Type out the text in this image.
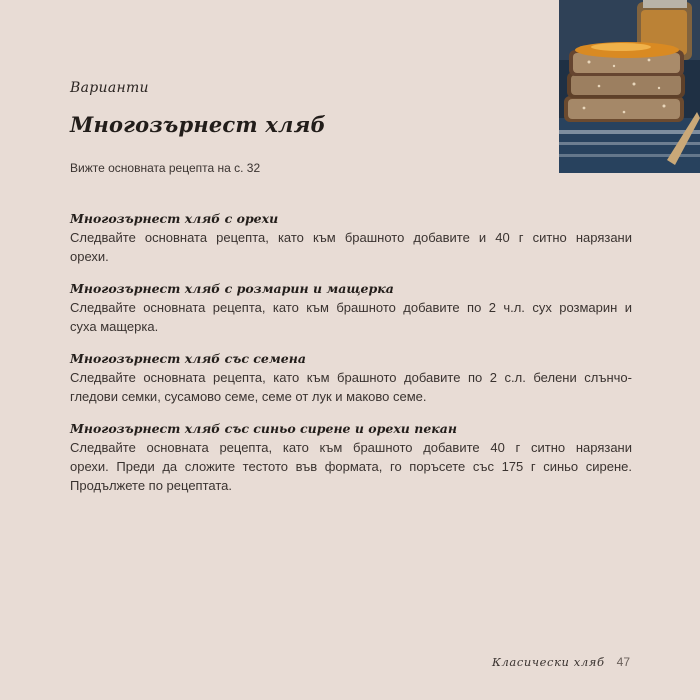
Варианти
Многозърнест хляб
Вижте основната рецепта на с. 32
Многозърнест хляб с орехи
Следвайте основната рецепта, като към брашното добавите и 40 г ситно нарязани
орехи.
Многозърнест хляб с розмарин и мащерка
Следвайте основната рецепта, като към брашното добавите по 2 ч.л. сух розмарин и
суха мащерка.
Многозърнест хляб със семена
Следвайте основната рецепта, като към брашното добавите по 2 с.л. белени слънчо-
гледови семки, сусамово семе, семе от лук и маково семе.
Многозърнест хляб със синьо сирене и орехи пекан
Следвайте основната рецепта, като към брашното добавите 40 г ситно нарязани
орехи. Преди да сложите тестото във формата, го поръсете със 175 г синьо сирене.
Продължете по рецептата.
Класически хляб 47
